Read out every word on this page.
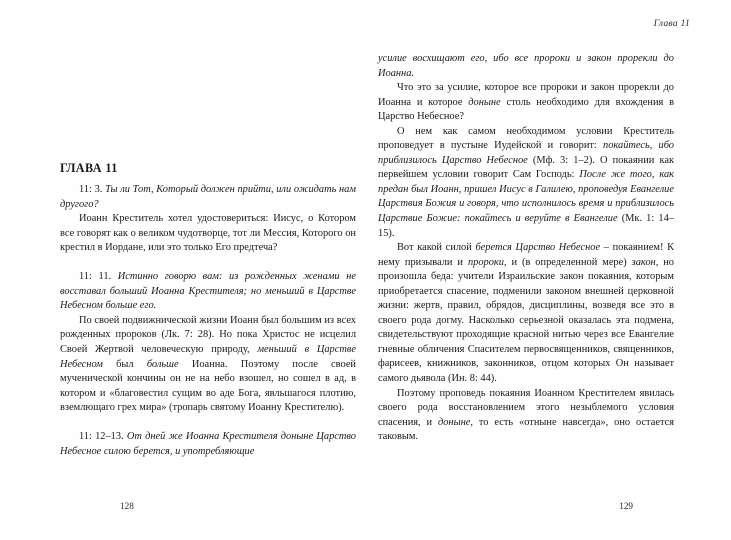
Глава 11
ГЛАВА 11

11: 3. Ты ли Тот, Который должен прийти, или ожидать нам другого?

Иоанн Креститель хотел удостовериться: Иисус, о Котором все говорят как о великом чудотворце, тот ли Мессия, Которого он крестил в Иордане, или это только Его предтеча?

11: 11. Истинно говорю вам: из рожденных женами не восставал больший Иоанна Крестителя; но меньший в Царстве Небесном больше его.

По своей подвижнической жизни Иоанн был большим из всех рожденных пророков (Лк. 7: 28). Но пока Христос не исцелил Своей Жертвой человеческую природу, меньший в Царстве Небесном был больше Иоанна. Поэтому после своей мученической кончины он не на небо взошел, но сошел в ад, в котором и «благовестил сущим во аде Бога, явльшагося плотию, вземлющаго грех мира» (тропарь святому Иоанну Крестителю).

11: 12–13. От дней же Иоанна Крестителя доныне Царство Небесное силою берется, и употребляющие

128

усилие восхищают его, ибо все пророки и закон прорекли до Иоанна.

Что это за усилие, которое все пророки и закон прорекли до Иоанна и которое доныне столь необходимо для вхождения в Царство Небесное?

О нем как самом необходимом условии Креститель проповедует в пустыне Иудейской и говорит: покайтесь, ибо приблизилось Царство Небесное (Мф. 3: 1–2). О покаянии как первейшем условии говорит Сам Господь: После же того, как предан был Иоанн, пришел Иисус в Галилею, проповедуя Евангелие Царствия Божия и говоря, что исполнилось время и приблизилось Царствие Божие: покайтесь и веруйте в Евангелие (Мк. 1: 14–15).

Вот какой силой берется Царство Небесное – покаянием! К нему призывали и пророки, и (в определенной мере) закон, но произошла беда: учители Израильские закон покаяния, которым приобретается спасение, подменили законом внешней церковной жизни: жертв, правил, обрядов, дисциплины, возведя все это в своего рода догму. Насколько серьезной оказалась эта подмена, свидетельствуют проходящие красной нитью через все Евангелие гневные обличения Спасителем первосвященников, священников, фарисеев, книжников, законников, отцом которых Он называет самого дьявола (Ин. 8: 44).

Поэтому проповедь покаяния Иоанном Крестителем явилась своего рода восстановлением этого незыблемого условия спасения, и доныне, то есть «отныне навсегда», оно остается таковым.

129
